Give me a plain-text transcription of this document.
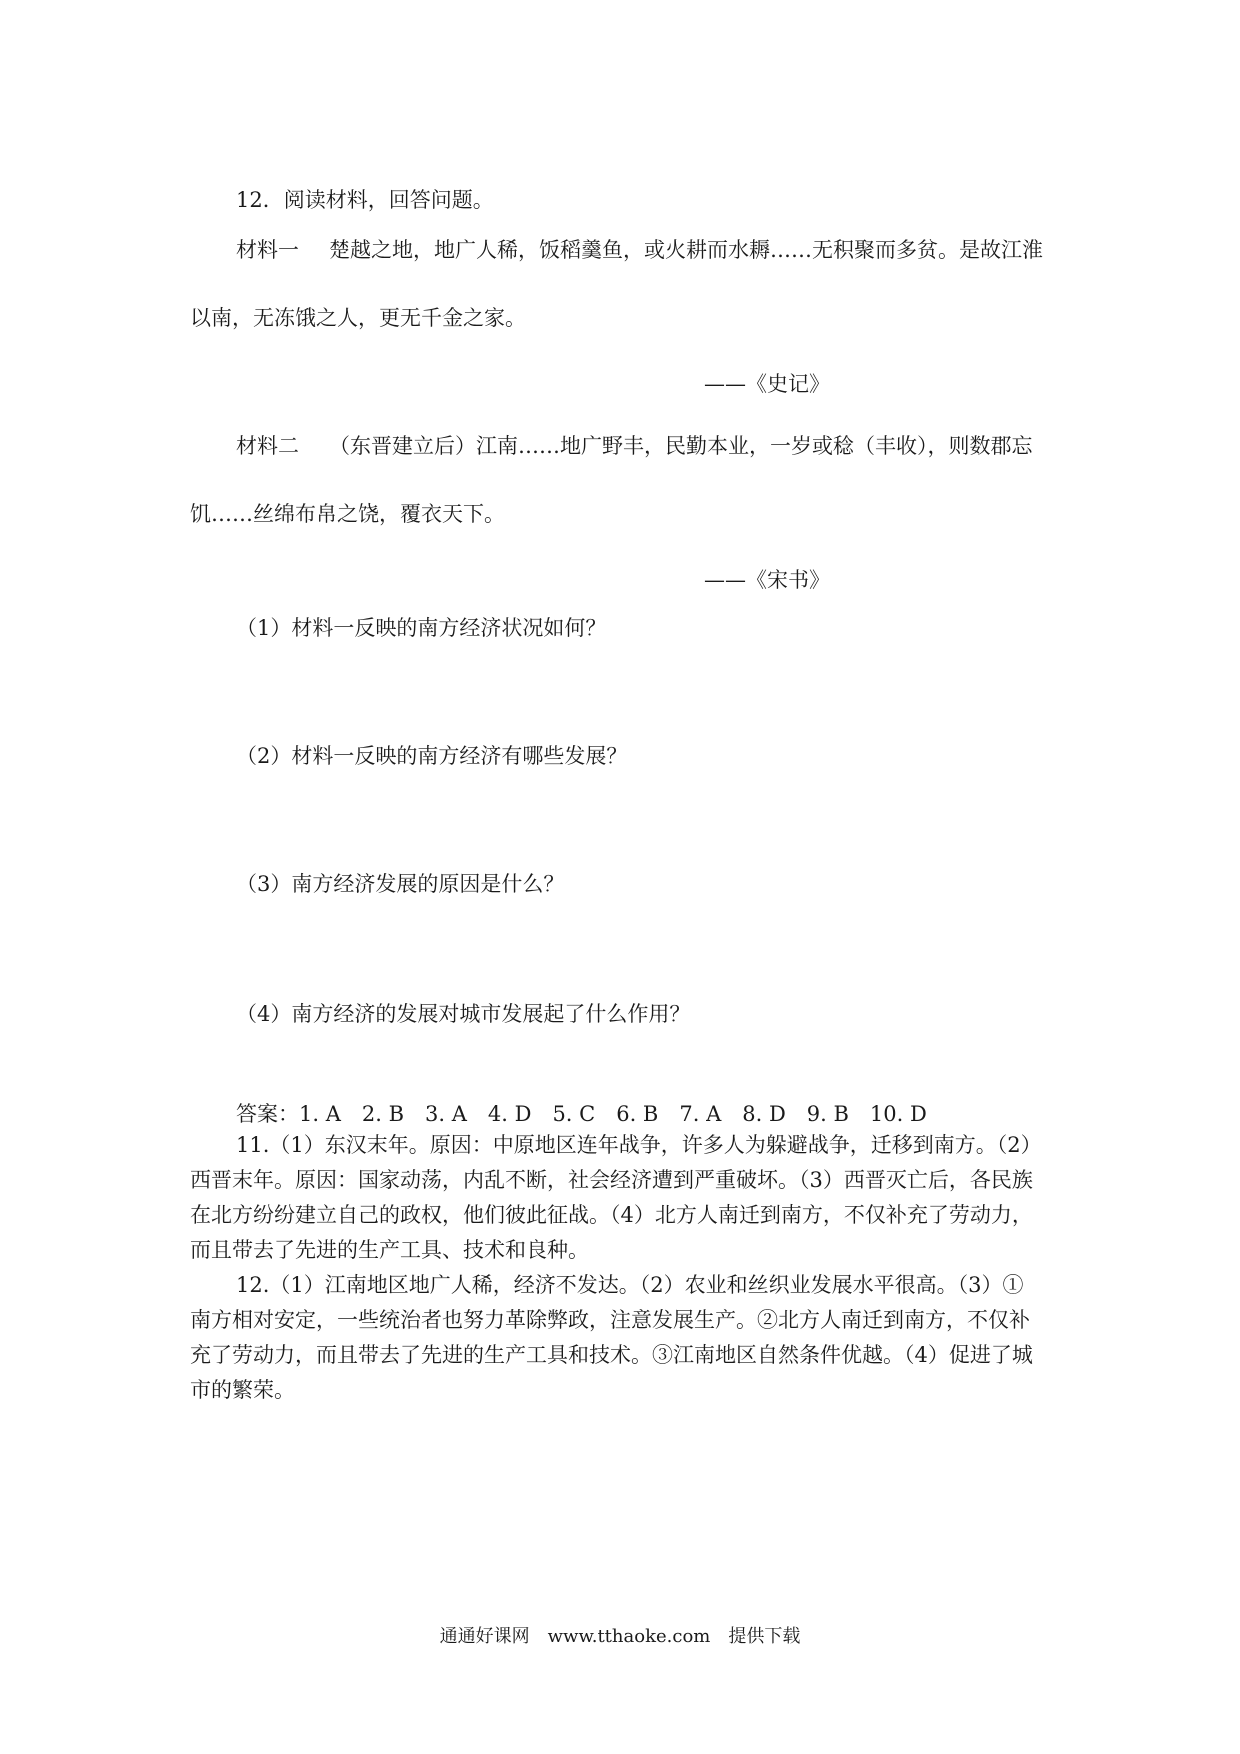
12．阅读材料，回答问题。
材料一 楚越之地，地广人稀，饭稻羹鱼，或火耕而水耨……无积聚而多贫。是故江淮
以南，无冻饿之人，更无千金之家。
——《史记》
材料二 （东晋建立后）江南……地广野丰，民勤本业，一岁或稔（丰收），则数郡忘
饥……丝绵布帛之饶，覆衣天下。
——《宋书》
（1）材料一反映的南方经济状况如何？
（2）材料一反映的南方经济有哪些发展？
（3）南方经济发展的原因是什么？
（4）南方经济的发展对城市发展起了什么作用？
答案：1. A　2. B　3. A　4. D　5. C　6. B　7. A　8. D　9. B　10. D
11.（1）东汉末年。原因：中原地区连年战争，许多人为躲避战争，迁移到南方。（2）
西晋末年。原因：国家动荡，内乱不断，社会经济遭到严重破坏。（3）西晋灭亡后，各民族
在北方纷纷建立自己的政权，他们彼此征战。（4）北方人南迁到南方，不仅补充了劳动力，
而且带去了先进的生产工具、技术和良种。
12.（1）江南地区地广人稀，经济不发达。（2）农业和丝织业发展水平很高。（3）①
南方相对安定，一些统治者也努力革除弊政，注意发展生产。②北方人南迁到南方，不仅补
充了劳动力，而且带去了先进的生产工具和技术。③江南地区自然条件优越。（4）促进了城
市的繁荣。
通通好课网　www.tthaoke.com　提供下载
